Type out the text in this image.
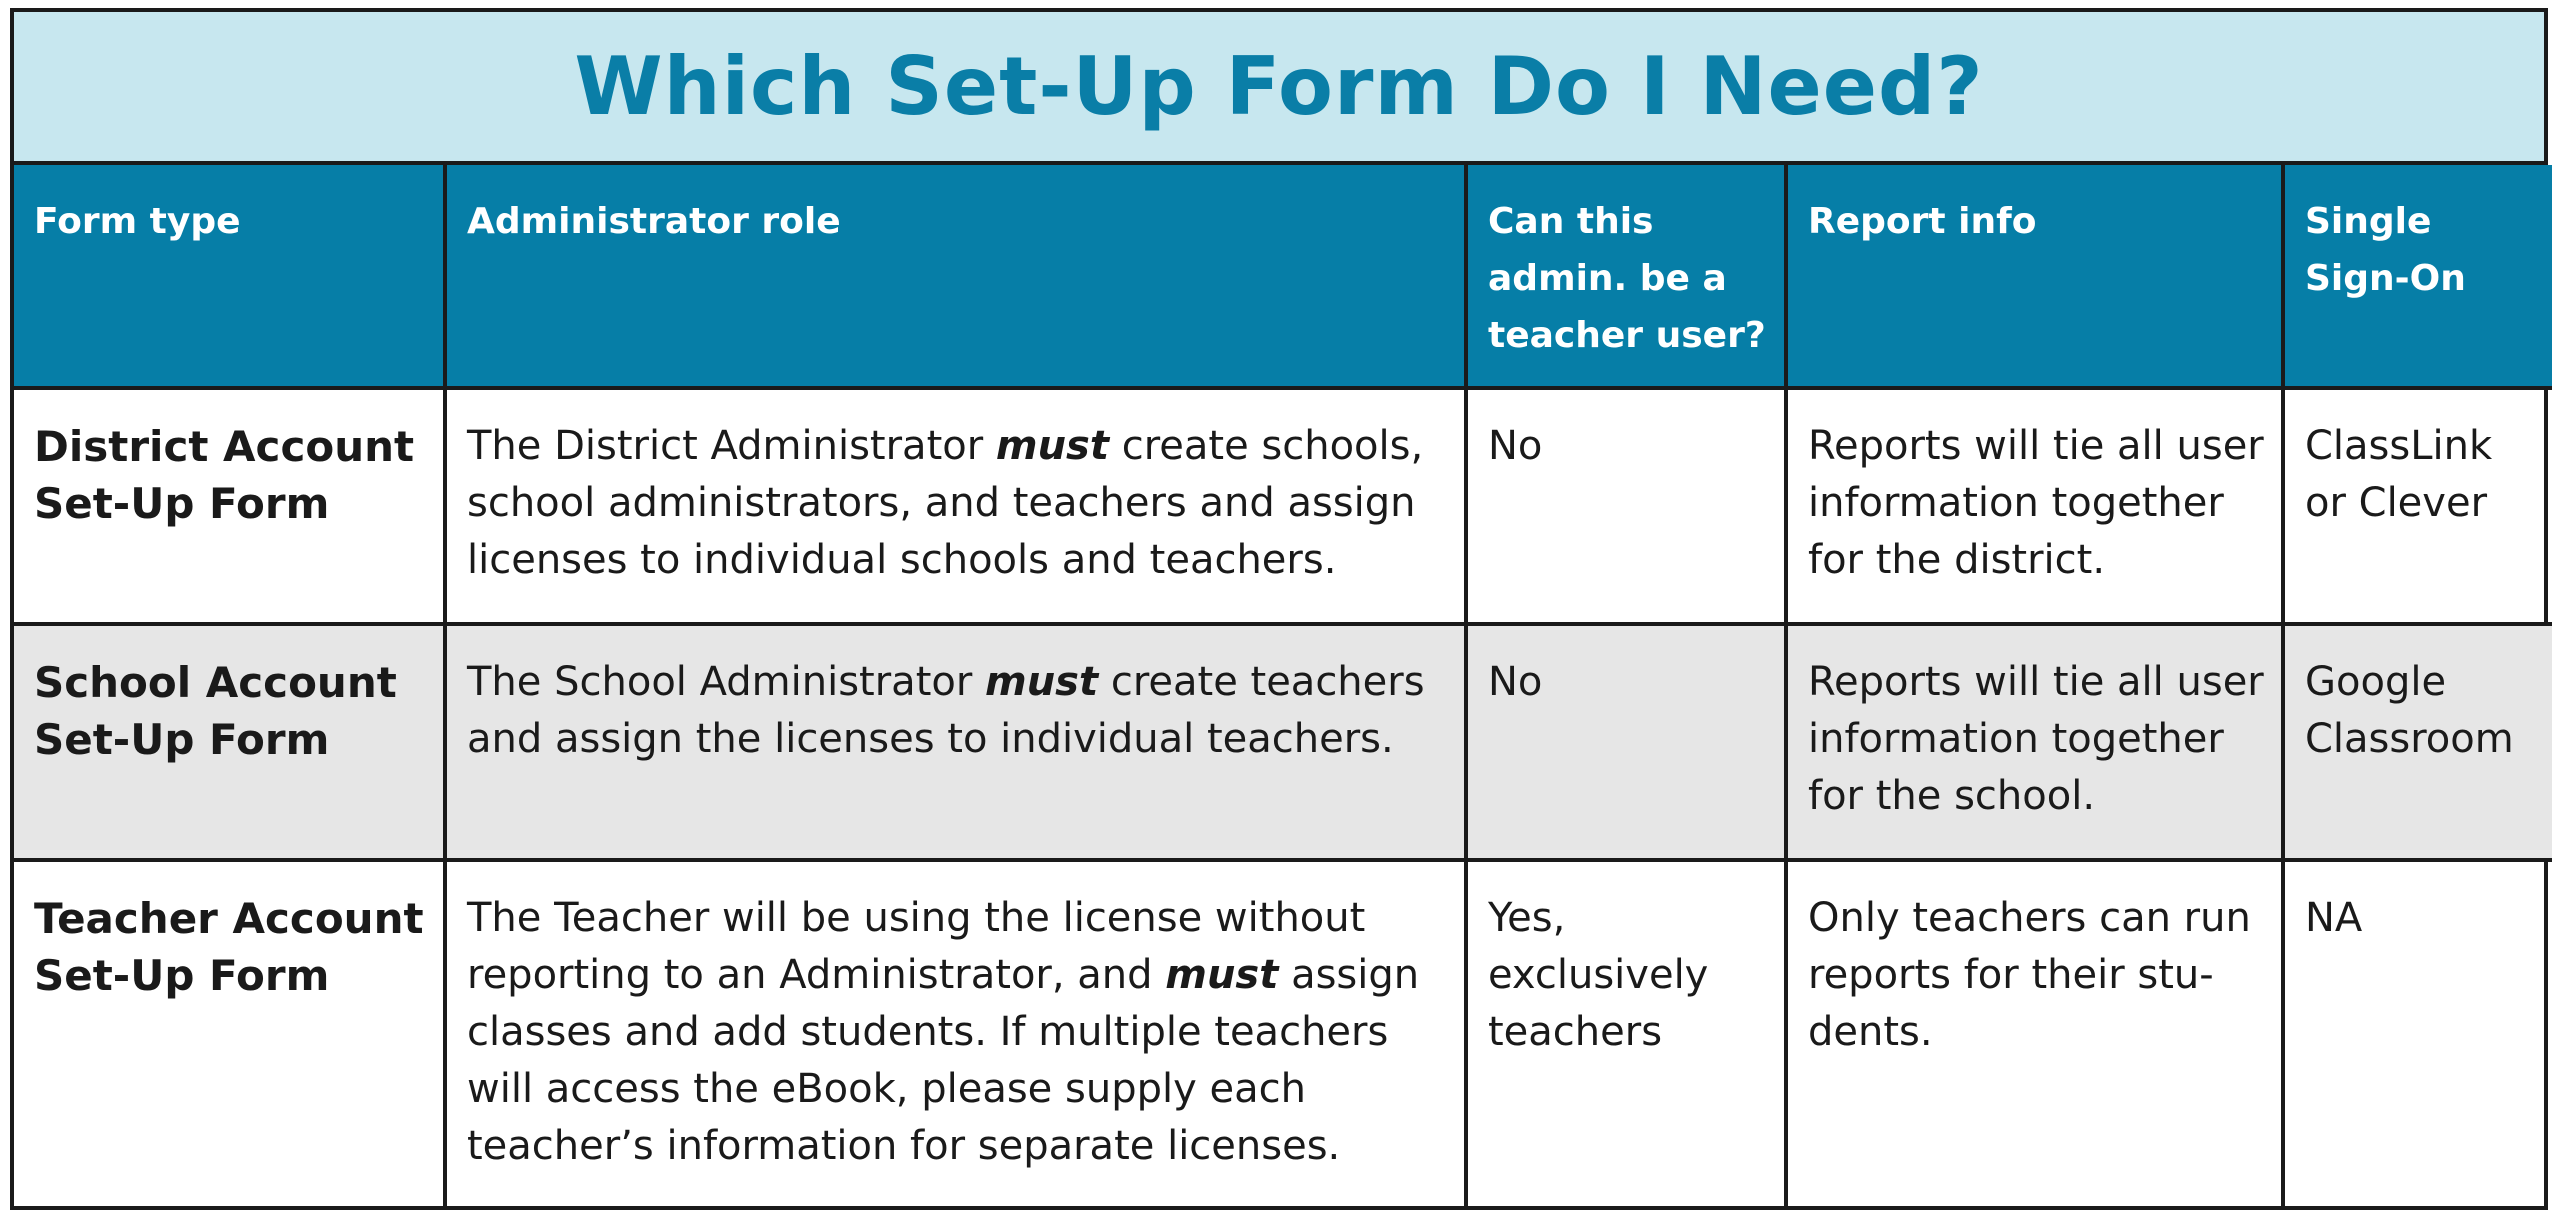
Which Set-Up Form Do I Need?
Form type	Administrator role	Can this admin. be a teacher user?	Report info	Single Sign-On
District Account Set-Up Form	The District Administrator must create schools, school administrators, and teachers and assign licenses to individual schools and teachers.	No	Reports will tie all user information together for the district.	ClassLink or Clever
School Account Set-Up Form	The School Administrator must create teachers and assign the licenses to individual teachers.	No	Reports will tie all user information together for the school.	Google Classroom
Teacher Account Set-Up Form	The Teacher will be using the license without reporting to an Administrator, and must assign classes and add students. If multiple teachers will access the eBook, please supply each teacher’s information for separate licenses.	Yes, exclusively teachers	Only teachers can run reports for their stu-dents.	NA
